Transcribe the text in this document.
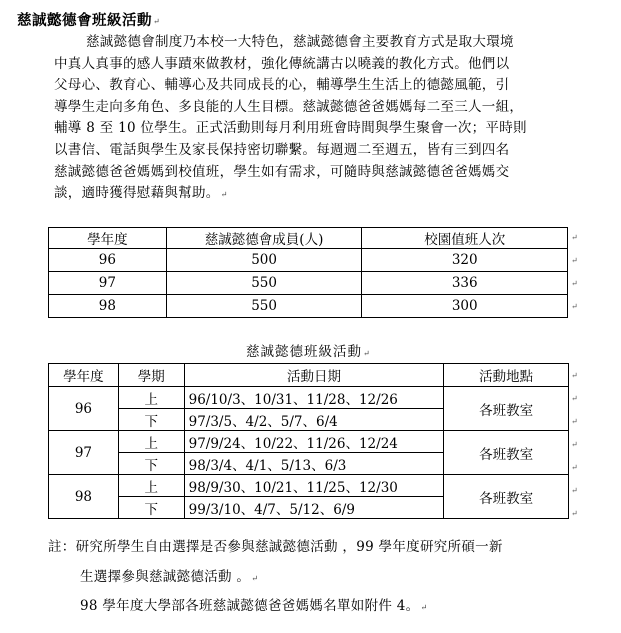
慈誠懿德會班級活動↵
慈誠懿德會制度乃本校一大特色，慈誠懿德會主要教育方式是取大環境
中真人真事的感人事蹟來做教材，強化傳統講古以曉義的教化方式。他們以
父母心、教育心、輔導心及共同成長的心，輔導學生生活上的德懿風範，引
導學生走向多角色、多良能的人生目標。慈誠懿德爸爸媽媽每二至三人一組，
輔導 8 至 10 位學生。正式活動則每月利用班會時間與學生聚會一次；平時則
以書信、電話與學生及家長保持密切聯繫。每週週二至週五，皆有三到四名
慈誠懿德爸爸媽媽到校值班，學生如有需求，可隨時與慈誠懿德爸爸媽媽交
談，適時獲得慰藉與幫助。↵
學年度	慈誠懿德會成員(人)	校園值班人次
96	500	320
97	550	336
98	550	300
慈誠懿德班級活動↵
學年度	學期	活動日期	活動地點
96	上	96/10/3、10/31、11/28、12/26	各班教室
	下	97/3/5、4/2、5/7、6/4	
97	上	97/9/24、10/22、11/26、12/24	各班教室
	下	98/3/4、4/1、5/13、6/3	
98	上	98/9/30、10/21、11/25、12/30	各班教室
	下	99/3/10、4/7、5/12、6/9	
↵
↵
↵
↵
↵
↵
↵
↵
↵
↵
↵
註：研究所學生自由選擇是否參與慈誠懿德活動 ，99 學年度研究所碩一新
生選擇參與慈誠懿德活動 。↵
98 學年度大學部各班慈誠懿德爸爸媽媽名單如附件 4。↵
